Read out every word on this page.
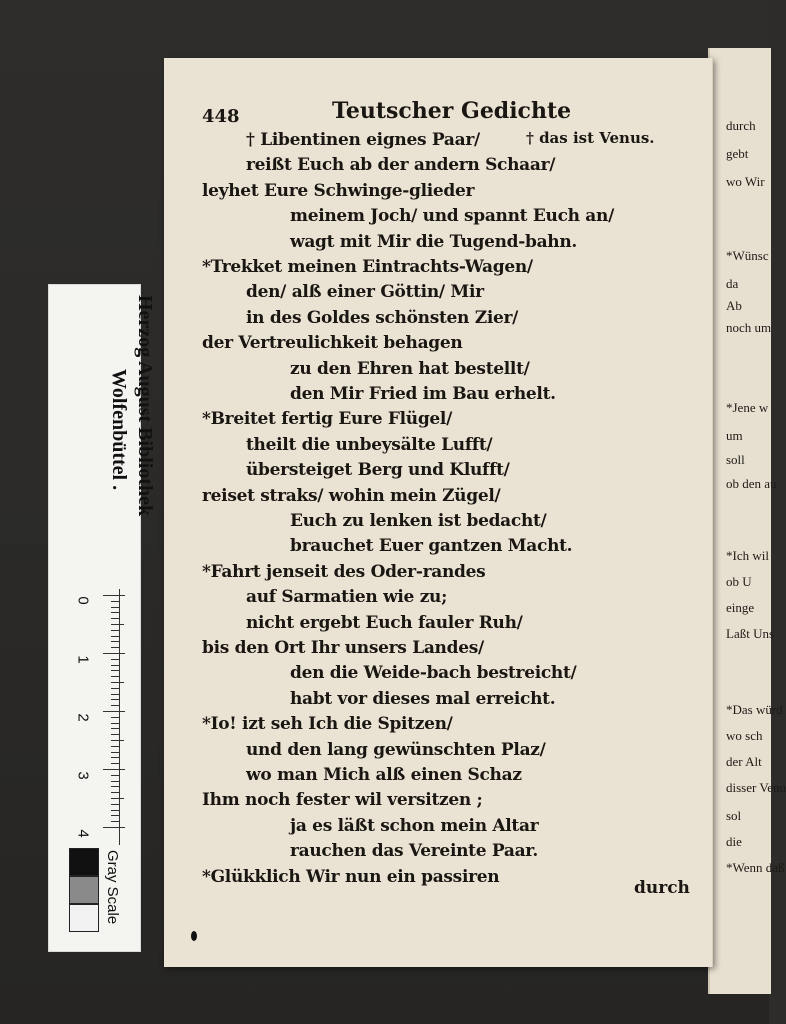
Herzog August Bibliothek
Wolfenbüttel .
0
1
2
3
4
Gray Scale
durch
gebt
wo Wir
*Wünsc
da
Ab
noch um
*Jene w
um
soll
ob den au
*Ich wil
ob U
einge
Laßt Uns
*Das würd
wo sch
der Alt
disser Venu
sol
die
*Wenn daß
448	Teutscher Gedichte
† das ist Venus.
† Libentinen eignes Paar/
reißt Euch ab der andern Schaar/
leyhet Eure Schwinge-glieder
meinem Joch/ und spannt Euch an/
wagt mit Mir die Tugend-bahn.
*Trekket meinen Eintrachts-Wagen/
den/ alß einer Göttin/ Mir
in des Goldes schönsten Zier/
der Vertreulichkeit behagen
zu den Ehren hat bestellt/
den Mir Fried im Bau erhelt.
*Breitet fertig Eure Flügel/
theilt die unbeysälte Lufft/
übersteiget Berg und Klufft/
reiset straks/ wohin mein Zügel/
Euch zu lenken ist bedacht/
brauchet Euer gantzen Macht.
*Fahrt jenseit des Oder-randes
auf Sarmatien wie zu;
nicht ergebt Euch fauler Ruh/
bis den Ort Ihr unsers Landes/
den die Weide-bach bestreicht/
habt vor dieses mal erreicht.
*Io! izt seh Ich die Spitzen/
und den lang gewünschten Plaz/
wo man Mich alß einen Schaz
Ihm noch fester wil versitzen ;
ja es läßt schon mein Altar
rauchen das Vereinte Paar.
*Glükklich Wir nun ein passiren
durch
